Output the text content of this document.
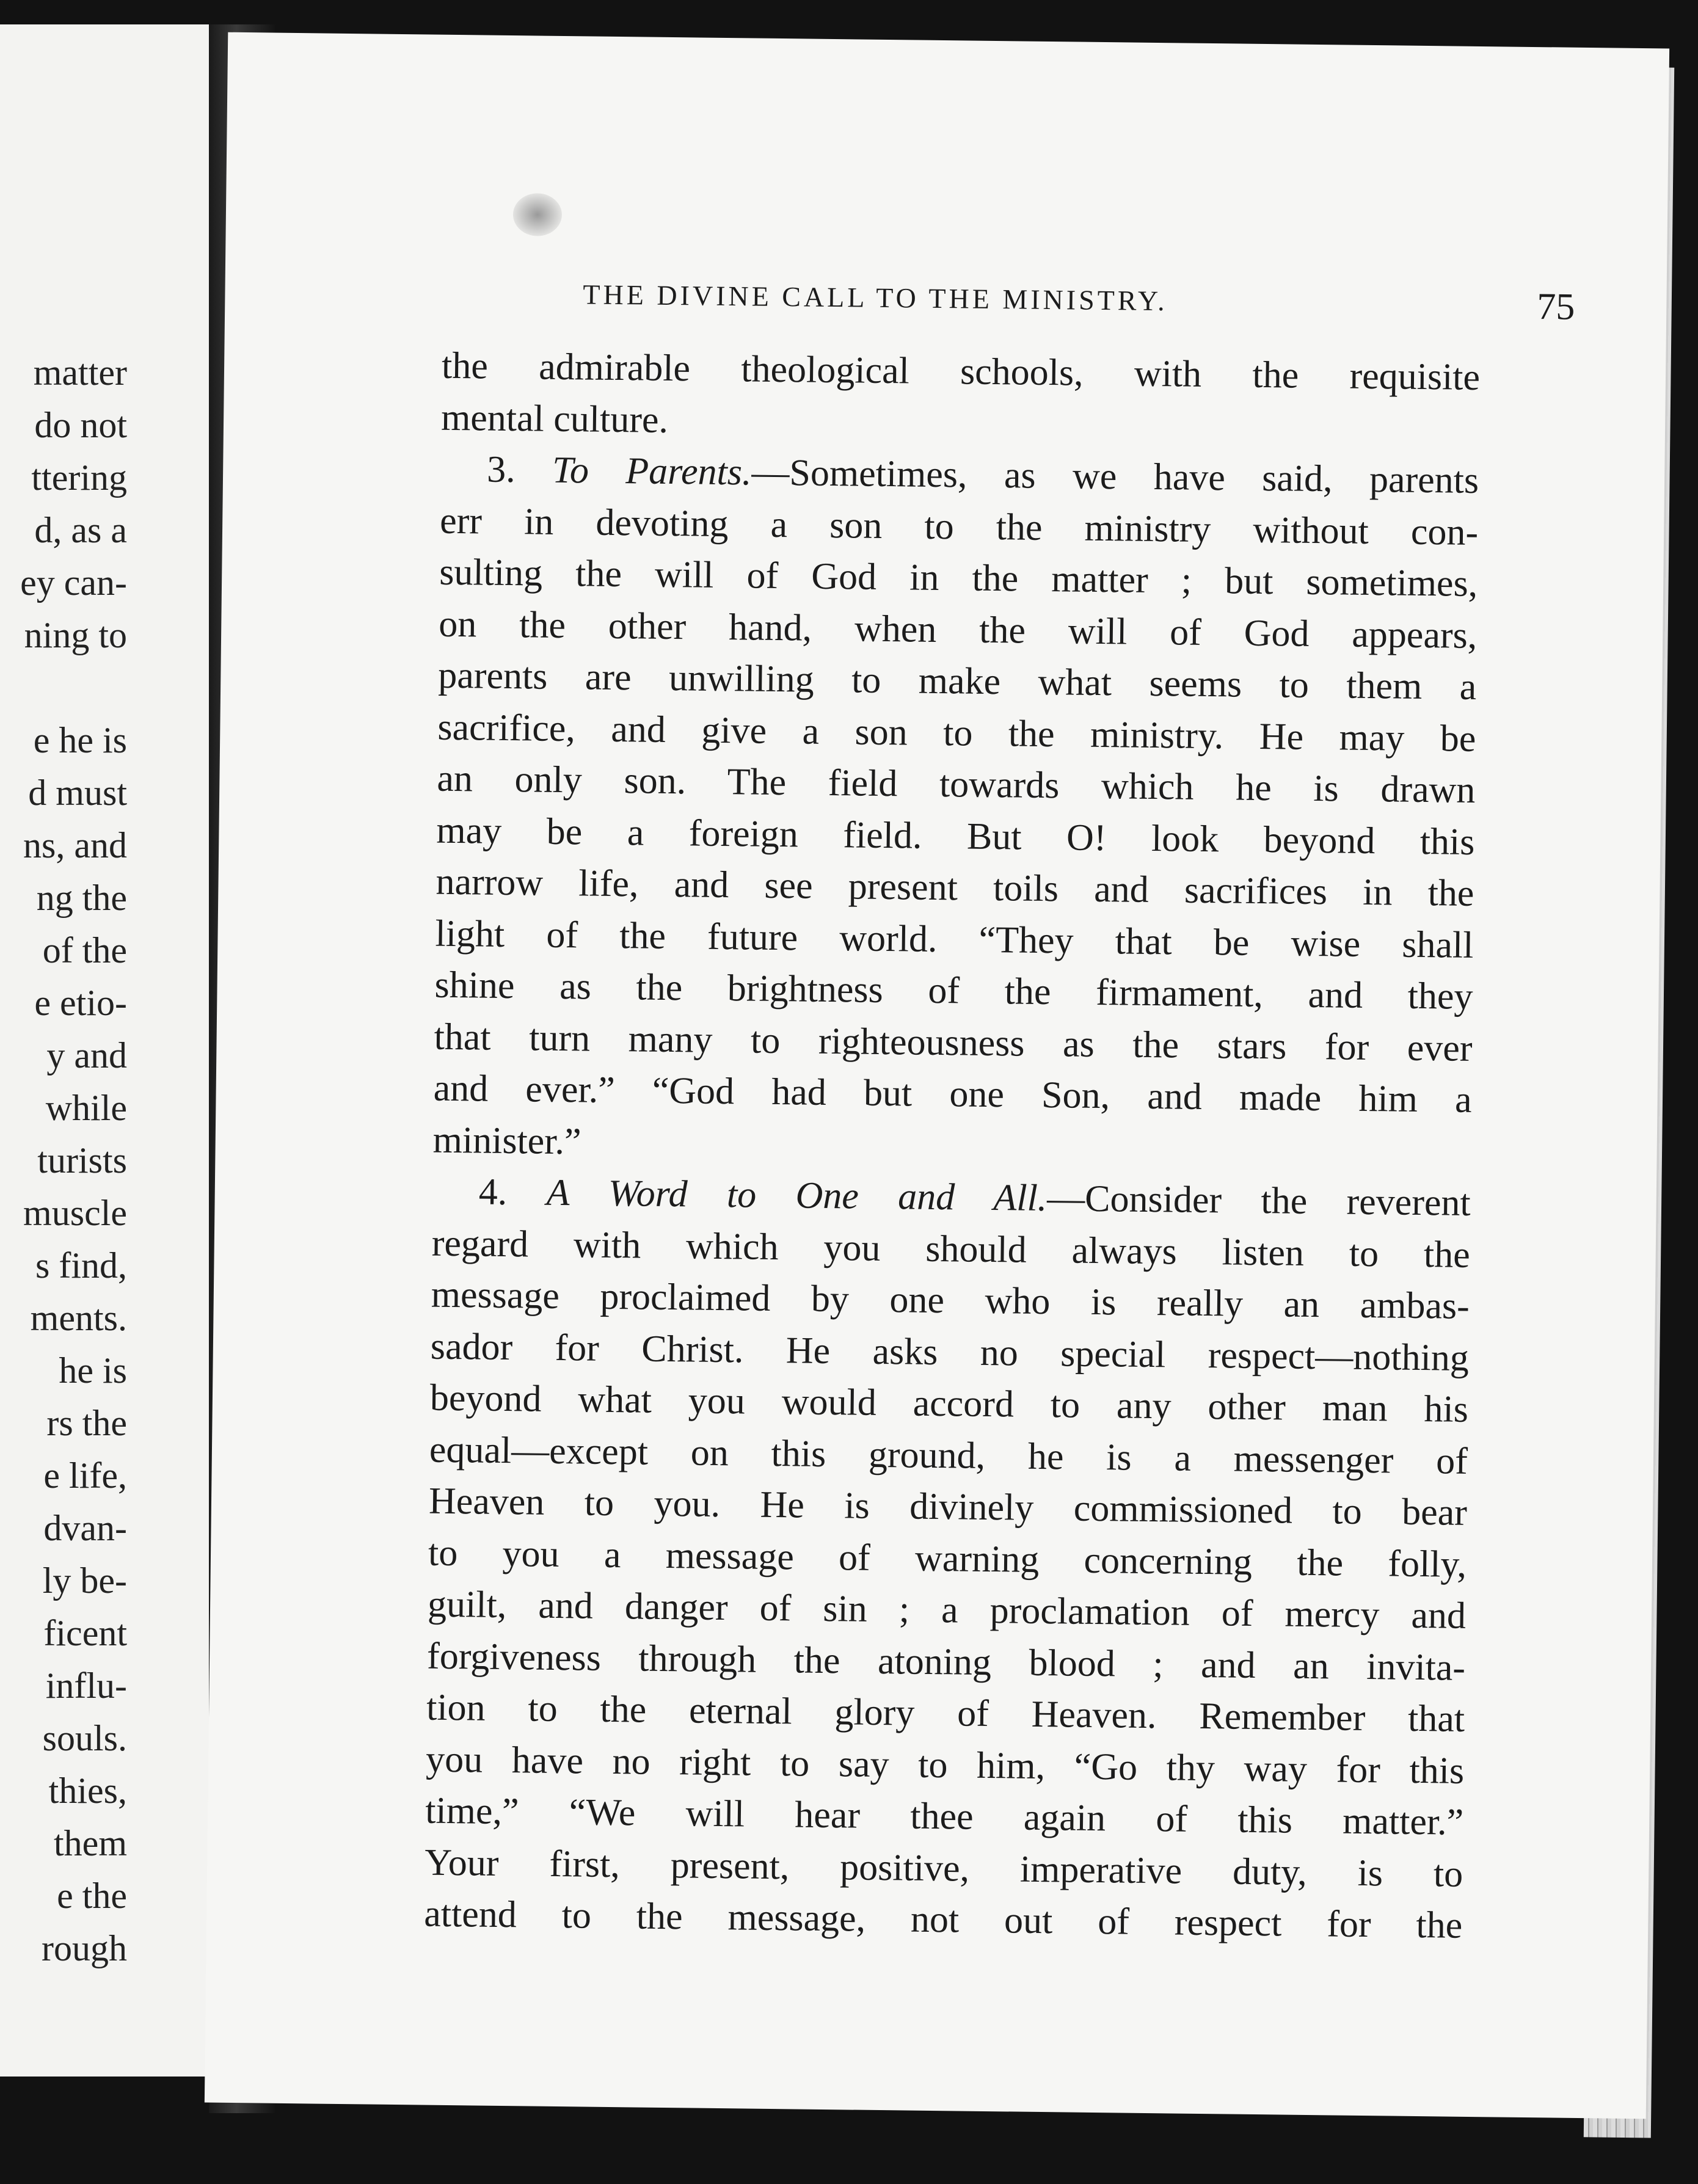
matter
do not
ttering
d, as a
ey can-
ning to
e he is
d must
ns, and
ng the
of the
e etio-
y and
while
turists
muscle
s find,
ments.
he is
rs the
e life,
dvan-
ly be-
ficent
influ-
souls.
thies,
them
e the
rough
THE DIVINE CALL TO THE MINISTRY.	75
the admirable theological schools, with the requisite
mental culture.
3. To Parents.—Sometimes, as we have said, parents
err in devoting a son to the ministry without con-
sulting the will of God in the matter ; but sometimes,
on the other hand, when the will of God appears,
parents are unwilling to make what seems to them a
sacrifice, and give a son to the ministry. He may be
an only son. The field towards which he is drawn
may be a foreign field. But O! look beyond this
narrow life, and see present toils and sacrifices in the
light of the future world. “They that be wise shall
shine as the brightness of the firmament, and they
that turn many to righteousness as the stars for ever
and ever.” “God had but one Son, and made him a
minister.”
4. A Word to One and All.—Consider the reverent
regard with which you should always listen to the
message proclaimed by one who is really an ambas-
sador for Christ. He asks no special respect—nothing
beyond what you would accord to any other man his
equal—except on this ground, he is a messenger of
Heaven to you. He is divinely commissioned to bear
to you a message of warning concerning the folly,
guilt, and danger of sin ; a proclamation of mercy and
forgiveness through the atoning blood ; and an invita-
tion to the eternal glory of Heaven. Remember that
you have no right to say to him, “Go thy way for this
time,” “We will hear thee again of this matter.”
Your first, present, positive, imperative duty, is to
attend to the message, not out of respect for the
